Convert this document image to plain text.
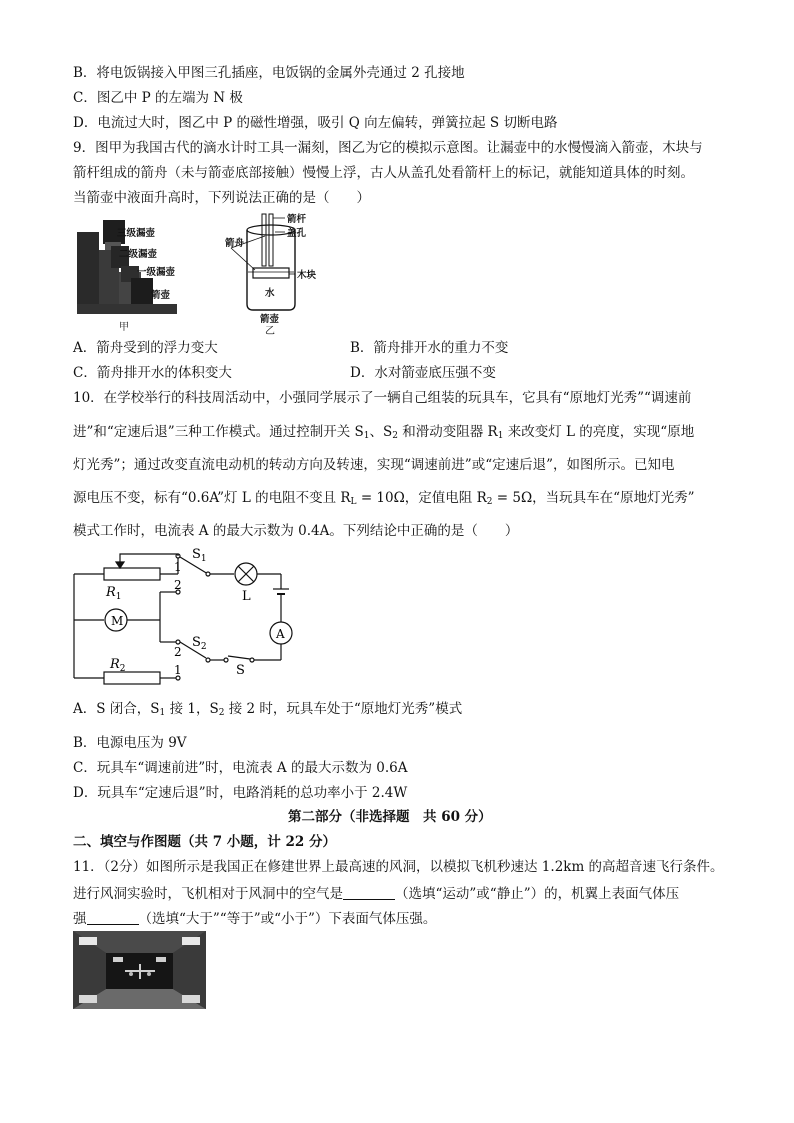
B．将电饭锅接入甲图三孔插座，电饭锅的金属外壳通过 2 孔接地
C．图乙中 P 的左端为 N 极
D．电流过大时，图乙中 P 的磁性增强，吸引 Q 向左偏转，弹簧拉起 S 切断电路
9．图甲为我国古代的滴水计时工具一漏刻，图乙为它的模拟示意图。让漏壶中的水慢慢滴入箭壶，木块与
箭杆组成的箭舟（未与箭壶底部接触）慢慢上浮，古人从盖孔处看箭杆上的标记，就能知道具体的时刻。
当箭壶中液面升高时，下列说法正确的是（　　）
三级漏壶
二级漏壶
一级漏壶
箭壶
甲
箭杆
盖孔
箭舟
木块
水
箭壶
乙
A．箭舟受到的浮力变大	B．箭舟排开水的重力不变
C．箭舟排开水的体积变大	D．水对箭壶底压强不变
10．在学校举行的科技周活动中，小强同学展示了一辆自己组装的玩具车，它具有“原地灯光秀”“调速前
进”和“定速后退”三种工作模式。通过控制开关 $S_1$、$S_2$ 和滑动变阻器 $R_1$ 来改变灯 L 的亮度，实现“原地
灯光秀”；通过改变直流电动机的转动方向及转速，实现“调速前进”或“定速后退”，如图所示。已知电
源电压不变，标有“0.6A”灯 L 的电阻不变且 $R_L = 10\Omega$，定值电阻 $R_2 = 5\Omega$，当玩具车在“原地灯光秀”
模式工作时，电流表 A 的最大示数为 0.4A。下列结论中正确的是（　　）
$R_1$
$R_2$
$S_1$
$S_2$
S
L
M
A
1
2
2
1
A．S 闭合，$S_1$ 接 1，$S_2$ 接 2 时，玩具车处于“原地灯光秀”模式
B．电源电压为 9V
C．玩具车“调速前进”时，电流表 A 的最大示数为 0.6A
D．玩具车“定速后退”时，电路消耗的总功率小于 2.4W
第二部分（非选择题　共 60 分）
二、填空与作图题（共 7 小题，计 22 分）
11．（2分）如图所示是我国正在修建世界上最高速的风洞，以模拟飞机秒速达 1.2km 的高超音速飞行条件。
进行风洞实验时，飞机相对于风洞中的空气是	（选填“运动”或“静止”）的，机翼上表面气体压
强	（选填“大于”“等于”或“小于”）下表面气体压强。
